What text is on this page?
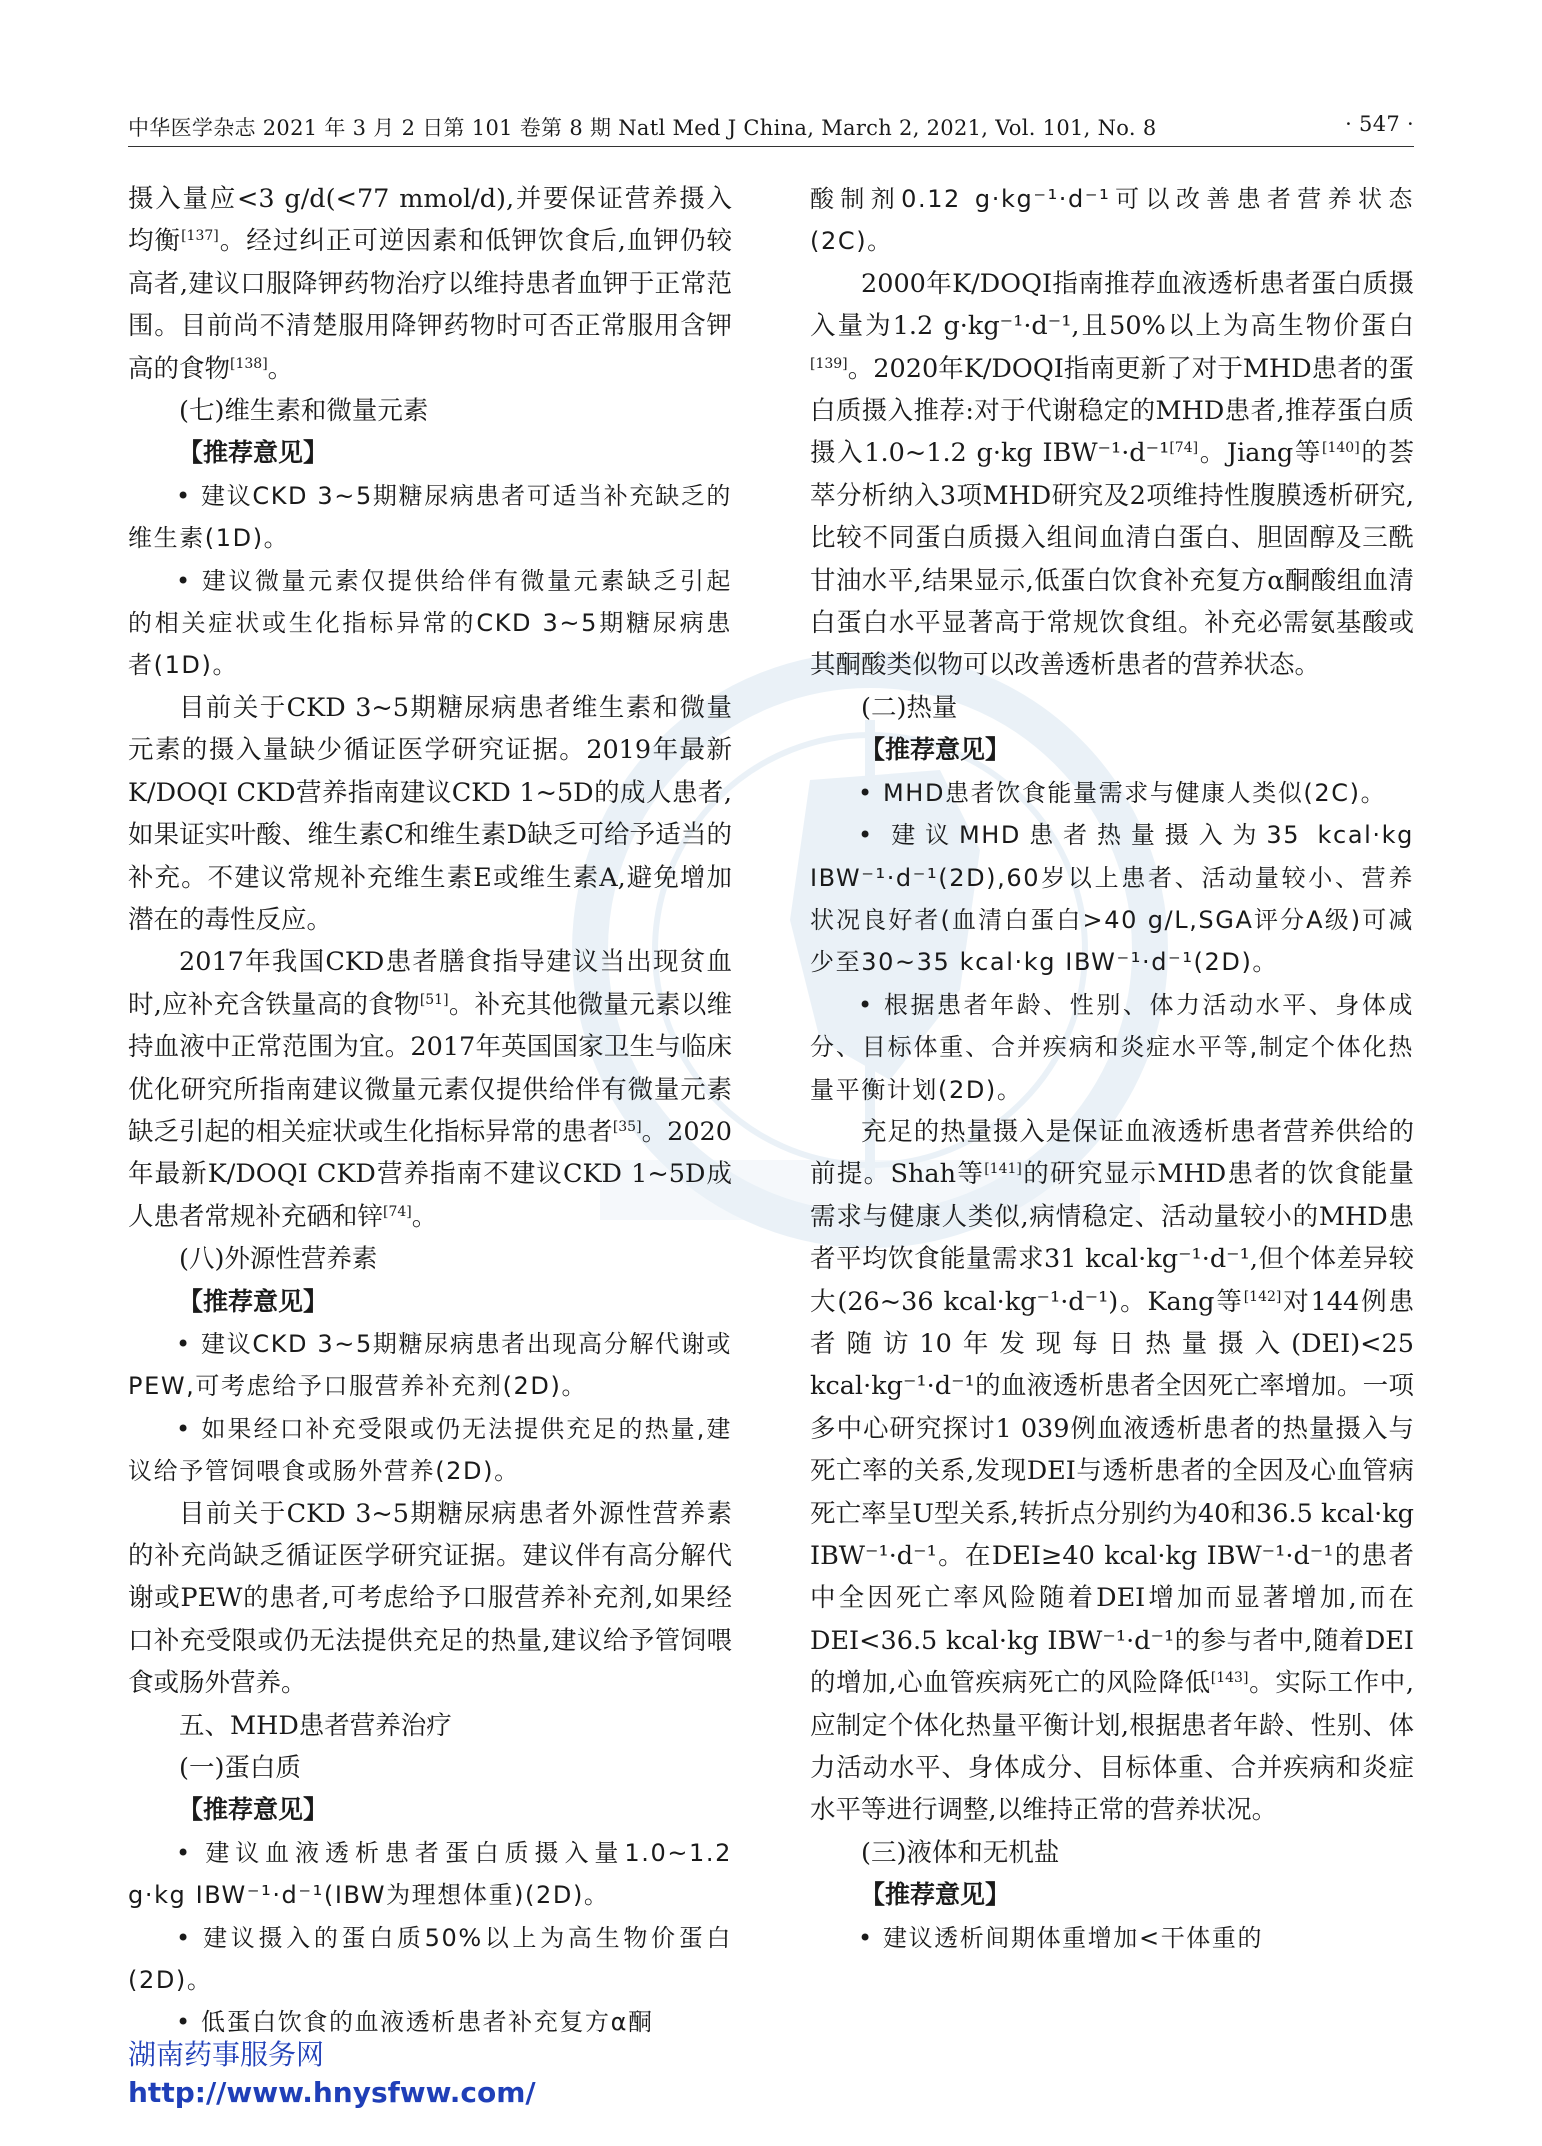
中华医学杂志 2021 年 3 月 2 日第 101 卷第 8 期 Natl Med J China, March 2, 2021, Vol. 101, No. 8	· 547 ·

摄入量应<3 g/d(<77 mmol/d),并要保证营养摄入均衡[137]。经过纠正可逆因素和低钾饮食后,血钾仍较高者,建议口服降钾药物治疗以维持患者血钾于正常范围。目前尚不清楚服用降钾药物时可否正常服用含钾高的食物[138]。

(七)维生素和微量元素

【推荐意见】

• 建议CKD 3~5期糖尿病患者可适当补充缺乏的维生素(1D)。

• 建议微量元素仅提供给伴有微量元素缺乏引起的相关症状或生化指标异常的CKD 3~5期糖尿病患者(1D)。

目前关于CKD 3~5期糖尿病患者维生素和微量元素的摄入量缺少循证医学研究证据。2019年最新K/DOQI CKD营养指南建议CKD 1~5D的成人患者,如果证实叶酸、维生素C和维生素D缺乏可给予适当的补充。不建议常规补充维生素E或维生素A,避免增加潜在的毒性反应。

2017年我国CKD患者膳食指导建议当出现贫血时,应补充含铁量高的食物[51]。补充其他微量元素以维持血液中正常范围为宜。2017年英国国家卫生与临床优化研究所指南建议微量元素仅提供给伴有微量元素缺乏引起的相关症状或生化指标异常的患者[35]。2020年最新K/DOQI CKD营养指南不建议CKD 1~5D成人患者常规补充硒和锌[74]。

(八)外源性营养素

【推荐意见】

• 建议CKD 3~5期糖尿病患者出现高分解代谢或PEW,可考虑给予口服营养补充剂(2D)。

• 如果经口补充受限或仍无法提供充足的热量,建议给予管饲喂食或肠外营养(2D)。

目前关于CKD 3~5期糖尿病患者外源性营养素的补充尚缺乏循证医学研究证据。建议伴有高分解代谢或PEW的患者,可考虑给予口服营养补充剂,如果经口补充受限或仍无法提供充足的热量,建议给予管饲喂食或肠外营养。

五、MHD患者营养治疗

(一)蛋白质

【推荐意见】

• 建议血液透析患者蛋白质摄入量1.0~1.2 g·kg IBW⁻¹·d⁻¹(IBW为理想体重)(2D)。

• 建议摄入的蛋白质50%以上为高生物价蛋白(2D)。

• 低蛋白饮食的血液透析患者补充复方α酮

酸制剂0.12 g·kg⁻¹·d⁻¹可以改善患者营养状态(2C)。

2000年K/DOQI指南推荐血液透析患者蛋白质摄入量为1.2 g·kg⁻¹·d⁻¹,且50%以上为高生物价蛋白[139]。2020年K/DOQI指南更新了对于MHD患者的蛋白质摄入推荐:对于代谢稳定的MHD患者,推荐蛋白质摄入1.0~1.2 g·kg IBW⁻¹·d⁻¹[74]。Jiang等[140]的荟萃分析纳入3项MHD研究及2项维持性腹膜透析研究,比较不同蛋白质摄入组间血清白蛋白、胆固醇及三酰甘油水平,结果显示,低蛋白饮食补充复方α酮酸组血清白蛋白水平显著高于常规饮食组。补充必需氨基酸或其酮酸类似物可以改善透析患者的营养状态。

(二)热量

【推荐意见】

• MHD患者饮食能量需求与健康人类似(2C)。

• 建议MHD患者热量摄入为35 kcal·kg IBW⁻¹·d⁻¹(2D),60岁以上患者、活动量较小、营养状况良好者(血清白蛋白>40 g/L,SGA评分A级)可减少至30~35 kcal·kg IBW⁻¹·d⁻¹(2D)。

• 根据患者年龄、性别、体力活动水平、身体成分、目标体重、合并疾病和炎症水平等,制定个体化热量平衡计划(2D)。

充足的热量摄入是保证血液透析患者营养供给的前提。Shah等[141]的研究显示MHD患者的饮食能量需求与健康人类似,病情稳定、活动量较小的MHD患者平均饮食能量需求31 kcal·kg⁻¹·d⁻¹,但个体差异较大(26~36 kcal·kg⁻¹·d⁻¹)。Kang等[142]对144例患者随访10年发现每日热量摄入(DEI)<25 kcal·kg⁻¹·d⁻¹的血液透析患者全因死亡率增加。一项多中心研究探讨1 039例血液透析患者的热量摄入与死亡率的关系,发现DEI与透析患者的全因及心血管病死亡率呈U型关系,转折点分别约为40和36.5 kcal·kg IBW⁻¹·d⁻¹。在DEI≥40 kcal·kg IBW⁻¹·d⁻¹的患者中全因死亡率风险随着DEI增加而显著增加,而在DEI<36.5 kcal·kg IBW⁻¹·d⁻¹的参与者中,随着DEI的增加,心血管疾病死亡的风险降低[143]。实际工作中,应制定个体化热量平衡计划,根据患者年龄、性别、体力活动水平、身体成分、目标体重、合并疾病和炎症水平等进行调整,以维持正常的营养状况。

(三)液体和无机盐

【推荐意见】

• 建议透析间期体重增加<干体重的

湖南药事服务网
http://www.hnysfww.com/
